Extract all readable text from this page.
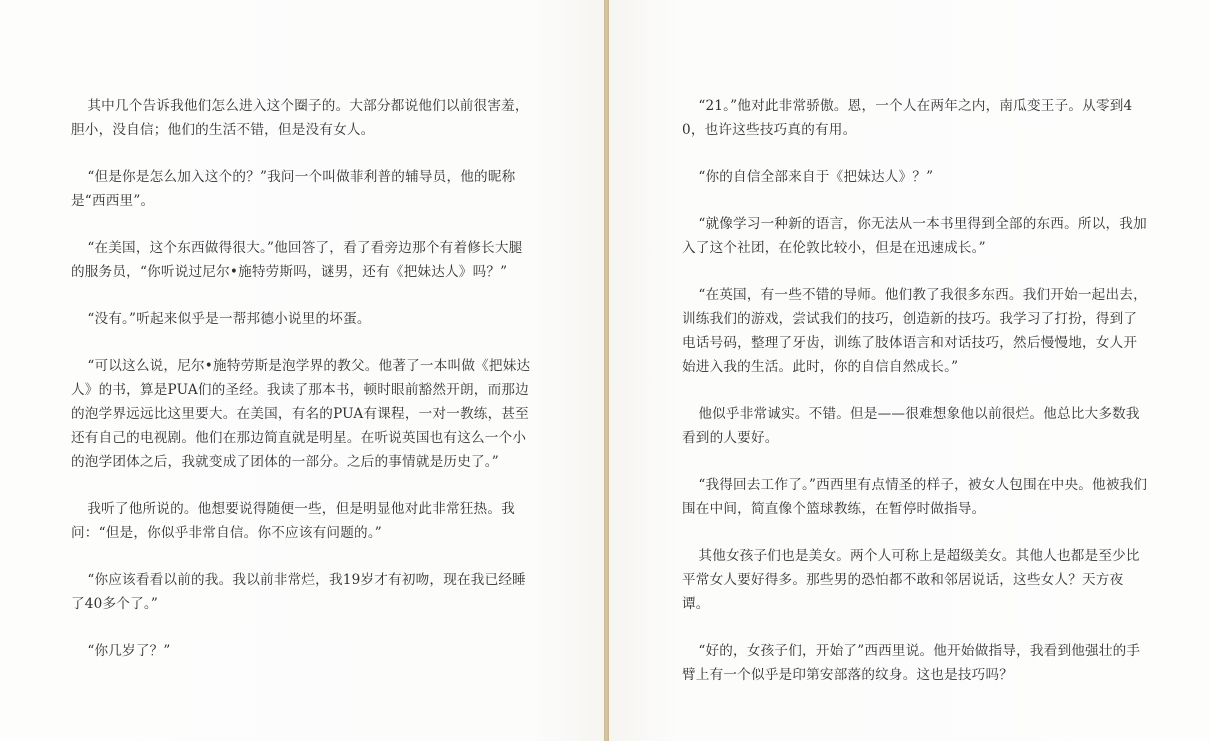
其中几个告诉我他们怎么进入这个圈子的。大部分都说他们以前很害羞，胆小，没自信；他们的生活不错，但是没有女人。

“但是你是怎么加入这个的？”我问一个叫做菲利普的辅导员，他的昵称是“西西里”。

“在美国，这个东西做得很大。”他回答了，看了看旁边那个有着修长大腿的服务员，“你听说过尼尔•施特劳斯吗，谜男，还有《把妹达人》吗？”

“没有。”听起来似乎是一帮邦德小说里的坏蛋。

“可以这么说，尼尔•施特劳斯是泡学界的教父。他著了一本叫做《把妹达人》的书，算是PUA们的圣经。我读了那本书，顿时眼前豁然开朗，而那边的泡学界远远比这里要大。在美国，有名的PUA有课程，一对一教练，甚至还有自己的电视剧。他们在那边简直就是明星。在听说英国也有这么一个小的泡学团体之后，我就变成了团体的一部分。之后的事情就是历史了。”

我听了他所说的。他想要说得随便一些，但是明显他对此非常狂热。我问：“但是，你似乎非常自信。你不应该有问题的。”

“你应该看看以前的我。我以前非常烂，我19岁才有初吻，现在我已经睡了40多个了。”

“你几岁了？”

“21。”他对此非常骄傲。恩，一个人在两年之内，南瓜变王子。从零到40，也许这些技巧真的有用。

“你的自信全部来自于《把妹达人》？”

“就像学习一种新的语言，你无法从一本书里得到全部的东西。所以，我加入了这个社团，在伦敦比较小，但是在迅速成长。”

“在英国，有一些不错的导师。他们教了我很多东西。我们开始一起出去，训练我们的游戏，尝试我们的技巧，创造新的技巧。我学习了打扮，得到了电话号码，整理了牙齿，训练了肢体语言和对话技巧，然后慢慢地，女人开始进入我的生活。此时，你的自信自然成长。”

他似乎非常诚实。不错。但是——很难想象他以前很烂。他总比大多数我看到的人要好。

“我得回去工作了。”西西里有点情圣的样子，被女人包围在中央。他被我们围在中间，简直像个篮球教练，在暂停时做指导。

其他女孩子们也是美女。两个人可称上是超级美女。其他人也都是至少比平常女人要好得多。那些男的恐怕都不敢和邻居说话，这些女人？天方夜谭。

“好的，女孩子们，开始了”西西里说。他开始做指导，我看到他强壮的手臂上有一个似乎是印第安部落的纹身。这也是技巧吗？
